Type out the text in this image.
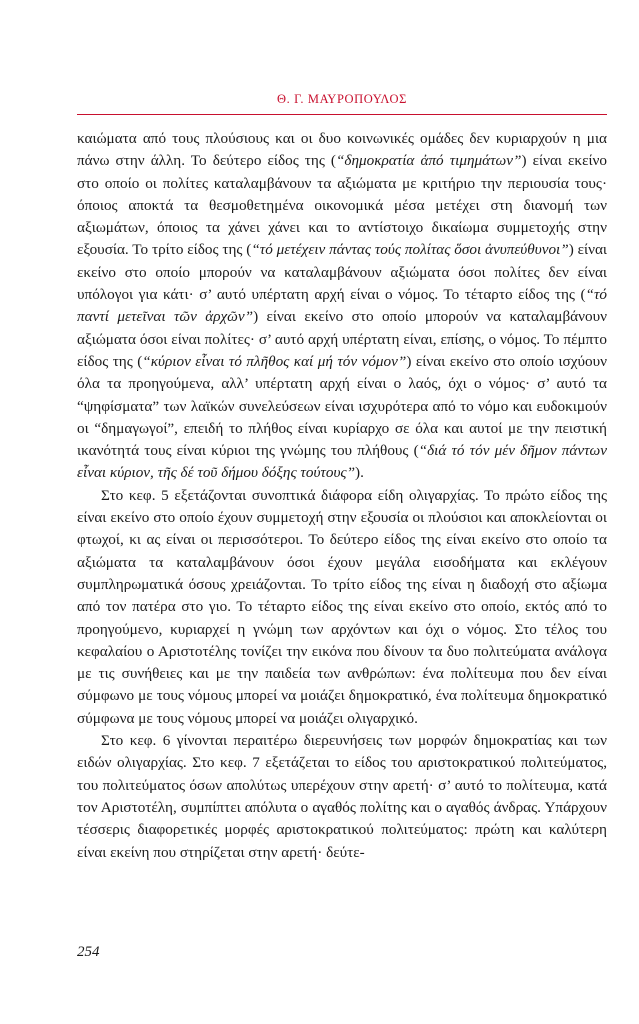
Θ. Γ. ΜΑΥΡΟΠΟΥΛΟΣ

καιώματα από τους πλούσιους και οι δυο κοινωνικές ομάδες δεν κυριαρχούν η μια πάνω στην άλλη. Το δεύτερο είδος της (“δημοκρατία ἀπό τιμημάτων”) είναι εκείνο στο οποίο οι πολίτες καταλαμβάνουν τα αξιώματα με κριτήριο την περιουσία τους· όποιος αποκτά τα θεσμοθετημένα οικονομικά μέσα μετέχει στη διανομή των αξιωμάτων, όποιος τα χάνει χάνει και το αντίστοιχο δικαίωμα συμμετοχής στην εξουσία. Το τρίτο είδος της (“τό μετέχειν πάντας τούς πολίτας ὅσοι ἀνυπεύθυνοι”) είναι εκείνο στο οποίο μπορούν να καταλαμβάνουν αξιώματα όσοι πολίτες δεν είναι υπόλογοι για κάτι· σ’ αυτό υπέρτατη αρχή είναι ο νόμος. Το τέταρτο είδος της (“τό παντί μετεῖναι τῶν ἀρχῶν”) είναι εκείνο στο οποίο μπορούν να καταλαμβάνουν αξιώματα όσοι είναι πολίτες· σ’ αυτό αρχή υπέρτατη είναι, επίσης, ο νόμος. Το πέμπτο είδος της (“κύριον εἶναι τό πλῆθος καί μή τόν νόμον”) είναι εκείνο στο οποίο ισχύουν όλα τα προηγούμενα, αλλ’ υπέρτατη αρχή είναι ο λαός, όχι ο νόμος· σ’ αυτό τα “ψηφίσματα” των λαϊκών συνελεύσεων είναι ισχυρότερα από το νόμο και ευδοκιμούν οι “δημαγωγοί”, επειδή το πλήθος είναι κυρίαρχο σε όλα και αυτοί με την πειστική ικανότητά τους είναι κύριοι της γνώμης του πλήθους (“διά τό τόν μέν δῆμον πάντων εἶναι κύριον, τῆς δέ τοῦ δήμου δόξης τούτους”).

Στο κεφ. 5 εξετάζονται συνοπτικά διάφορα είδη ολιγαρχίας. Το πρώτο είδος της είναι εκείνο στο οποίο έχουν συμμετοχή στην εξουσία οι πλούσιοι και αποκλείονται οι φτωχοί, κι ας είναι οι περισσότεροι. Το δεύτερο είδος της είναι εκείνο στο οποίο τα αξιώματα τα καταλαμβάνουν όσοι έχουν μεγάλα εισοδήματα και εκλέγουν συμπληρωματικά όσους χρειάζονται. Το τρίτο είδος της είναι η διαδοχή στο αξίωμα από τον πατέρα στο γιο. Το τέταρτο είδος της είναι εκείνο στο οποίο, εκτός από το προηγούμενο, κυριαρχεί η γνώμη των αρχόντων και όχι ο νόμος. Στο τέλος του κεφαλαίου ο Αριστοτέλης τονίζει την εικόνα που δίνουν τα δυο πολιτεύματα ανάλογα με τις συνήθειες και με την παιδεία των ανθρώπων: ένα πολίτευμα που δεν είναι σύμφωνο με τους νόμους μπορεί να μοιάζει δημοκρατικό, ένα πολίτευμα δημοκρατικό σύμφωνα με τους νόμους μπορεί να μοιάζει ολιγαρχικό.

Στο κεφ. 6 γίνονται περαιτέρω διερευνήσεις των μορφών δημοκρατίας και των ειδών ολιγαρχίας. Στο κεφ. 7 εξετάζεται το είδος του αριστοκρατικού πολιτεύματος, του πολιτεύματος όσων απολύτως υπερέχουν στην αρετή· σ’ αυτό το πολίτευμα, κατά τον Αριστοτέλη, συμπίπτει απόλυτα ο αγαθός πολίτης και ο αγαθός άνδρας. Υπάρχουν τέσσερις διαφορετικές μορφές αριστοκρατικού πολιτεύματος: πρώτη και καλύτερη είναι εκείνη που στηρίζεται στην αρετή· δεύτε-

254
